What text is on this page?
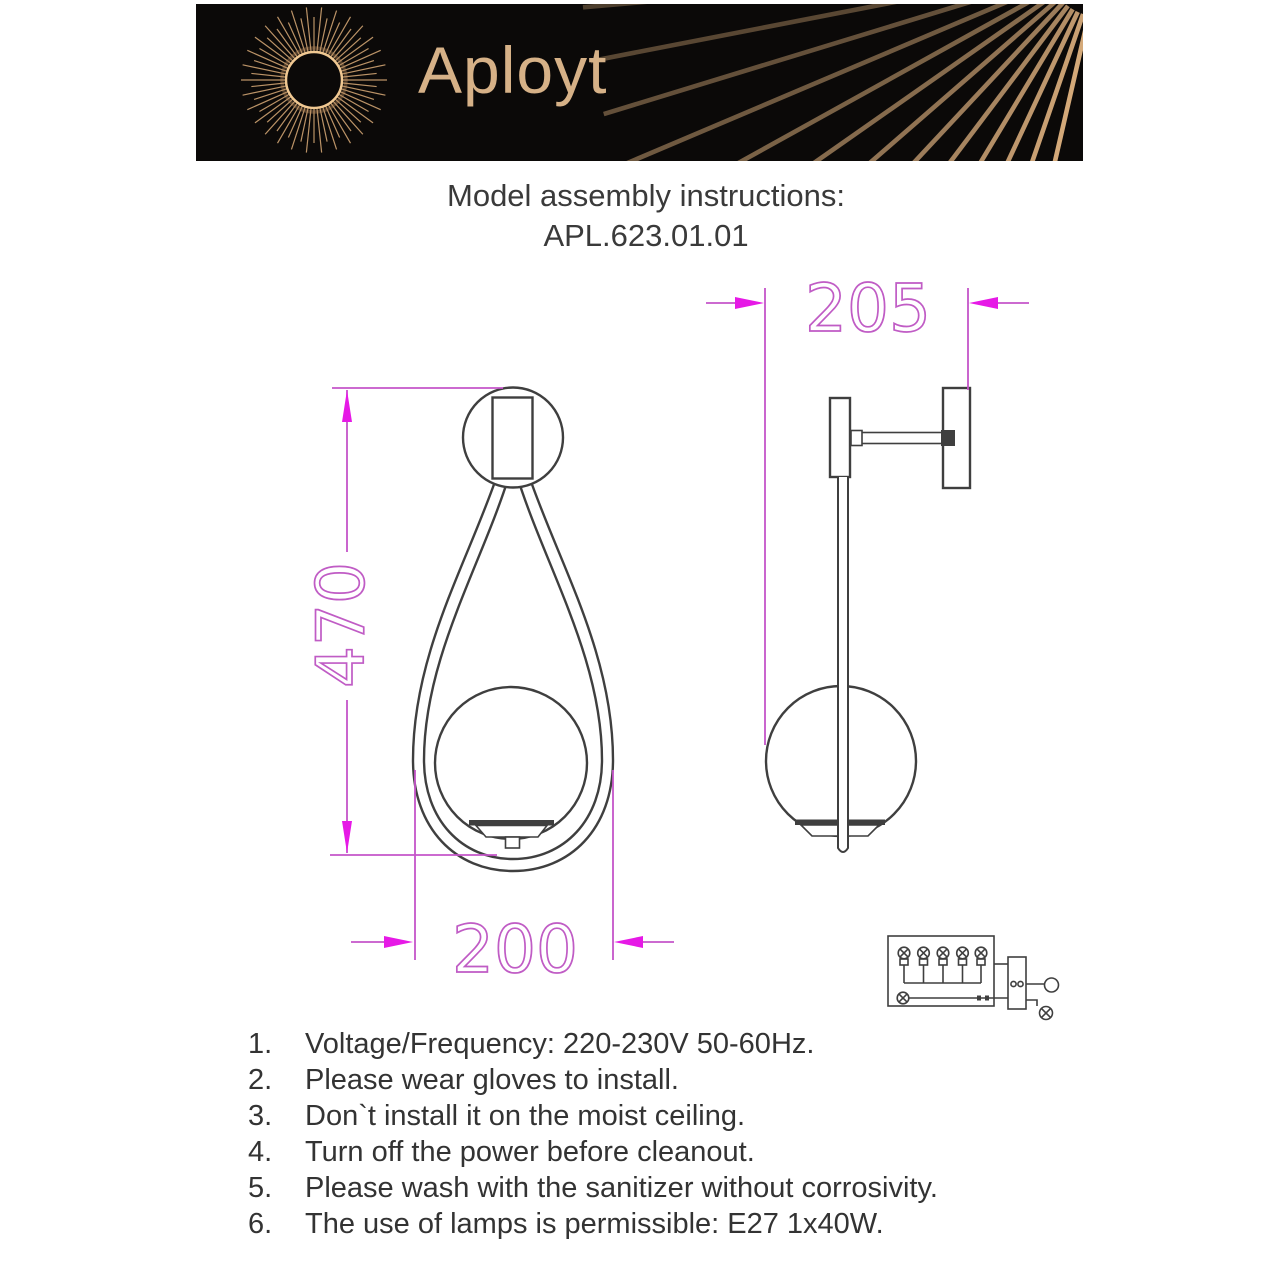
Aployt
Model assembly instructions:
APL.623.01.01
470
200
205
1.	Voltage/Frequency: 220-230V 50-60Hz.
2.	Please wear gloves to install.
3.	Don`t install it on the moist ceiling.
4.	Turn off the power before cleanout.
5.	Please wash with the sanitizer without corrosivity.
6.	The use of lamps is permissible: E27 1x40W.
